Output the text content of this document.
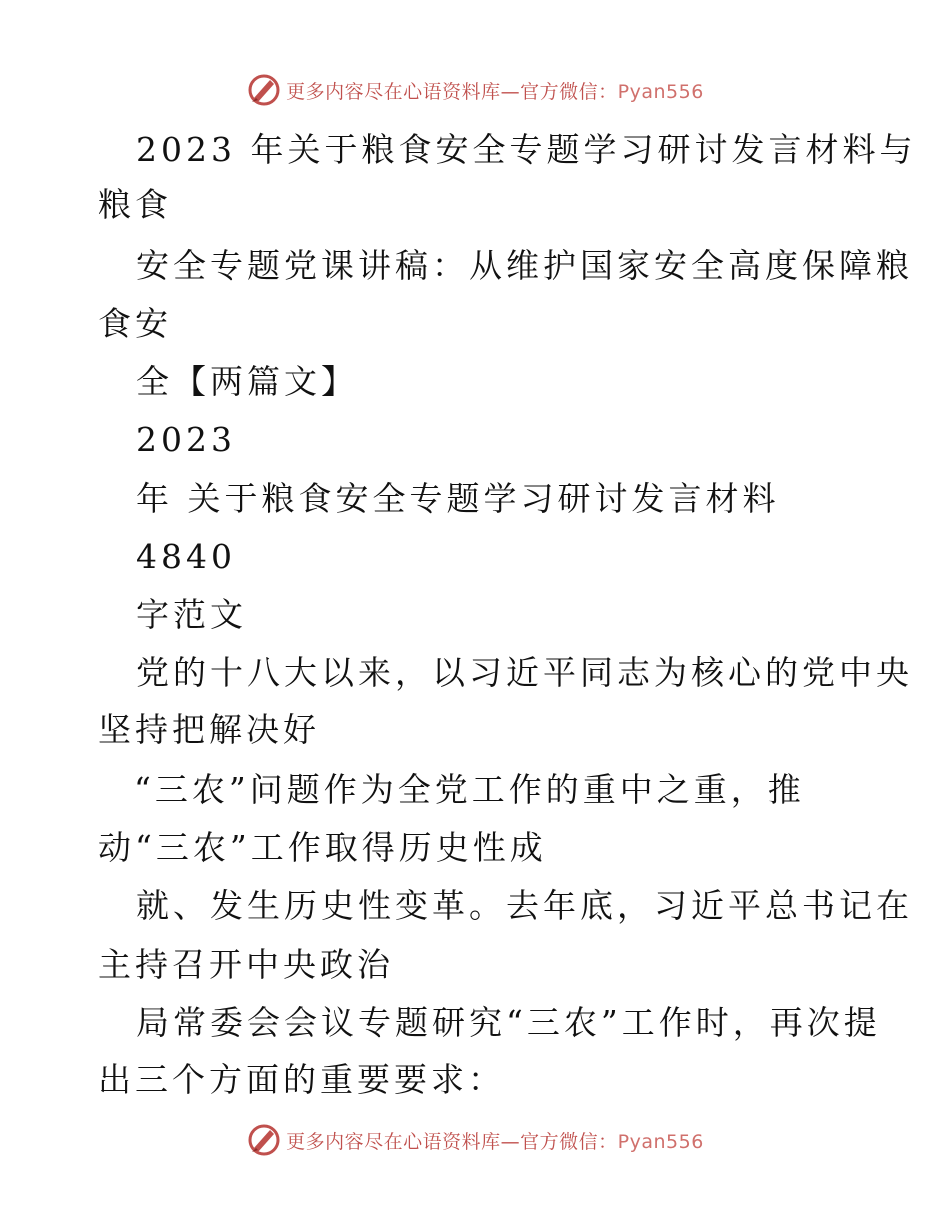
更多内容尽在心语资料库—官方微信：Pyan556
2023 年关于粮食安全专题学习研讨发言材料与
粮食
安全专题党课讲稿：从维护国家安全高度保障粮
食安
全【两篇文】
2023
年 关于粮食安全专题学习研讨发言材料
4840
字范文
党的十八大以来，以习近平同志为核心的党中央
坚持把解决好
“三农”问题作为全党工作的重中之重，推
动“三农”工作取得历史性成
就、发生历史性变革。去年底，习近平总书记在
主持召开中央政治
局常委会会议专题研究“三农”工作时，再次提
出三个方面的重要要求：
更多内容尽在心语资料库—官方微信：Pyan556
